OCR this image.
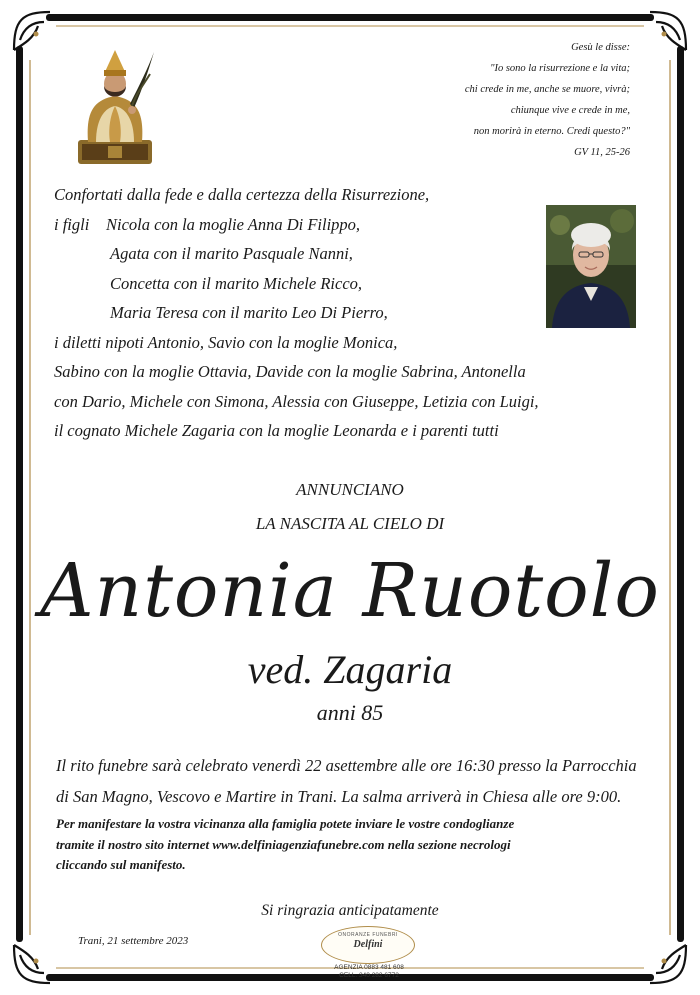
Gesù le disse:
"Io sono la risurrezione e la vita;
chi crede in me, anche se muore, vivrà;
chiunque vive e crede in me,
non morirà in eterno. Credi questo?"
GV 11, 25-26
Confortati dalla fede e dalla certezza della Risurrezione,
i figli Nicola con la moglie Anna Di Filippo,
Agata con il marito Pasquale Nanni,
Concetta con il marito Michele Ricco,
Maria Teresa con il marito Leo Di Pierro,
i diletti nipoti Antonio, Savio con la moglie Monica,
Sabino con la moglie Ottavia, Davide con la moglie Sabrina, Antonella
con Dario, Michele con Simona, Alessia con Giuseppe, Letizia con Luigi,
il cognato Michele Zagaria con la moglie Leonarda e i parenti tutti
ANNUNCIANO
LA NASCITA AL CIELO DI
Antonia Ruotolo
ved. Zagaria
anni 85
Il rito funebre sarà celebrato venerdì 22 asettembre alle ore 16:30 presso la Parrocchia
di San Magno, Vescovo e Martire in Trani. La salma arriverà in Chiesa alle ore 9:00.
Per manifestare la vostra vicinanza alla famiglia potete inviare le vostre condoglianze
tramite il nostro sito internet www.delfiniagenziafunebre.com nella sezione necrologi
cliccando sul manifesto.
Si ringrazia anticipatamente
Trani, 21 settembre 2023	ONORANZE FUNEBRI
Delfini
AGENZIA 0883 481 608
CELL. 340 282 6772
